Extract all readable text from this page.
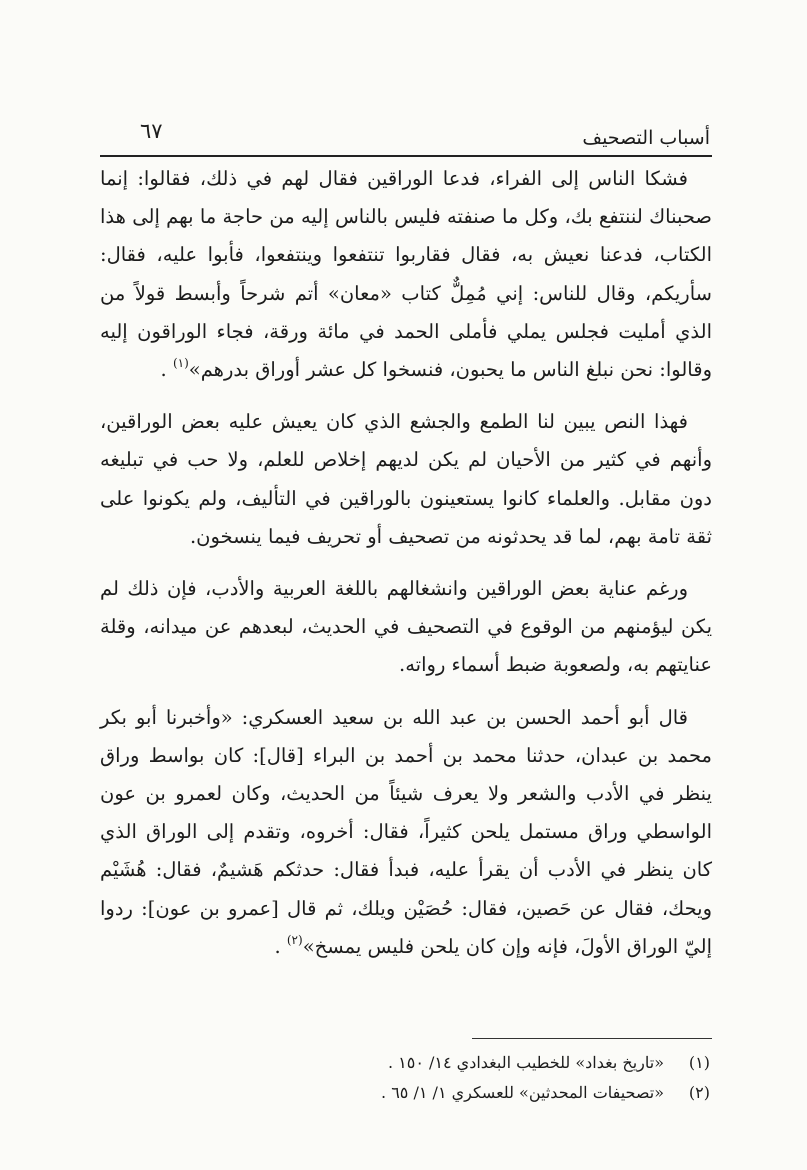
أسباب التصحيف
٦٧

فشكا الناس إلى الفراء، فدعا الوراقين فقال لهم في ذلك، فقالوا: إنما صحبناك لننتفع بك، وكل ما صنفته فليس بالناس إليه من حاجة ما بهم إلى هذا الكتاب، فدعنا نعيش به، فقال فقاربوا تنتفعوا وينتفعوا، فأبوا عليه، فقال: سأريكم، وقال للناس: إني مُمِلٌّ كتاب «معان» أتم شرحاً وأبسط قولاً من الذي أمليت فجلس يملي فأملى الحمد في مائة ورقة، فجاء الوراقون إليه وقالوا: نحن نبلغ الناس ما يحبون، فنسخوا كل عشر أوراق بدرهم»$^{(١)}$ .

فهذا النص يبين لنا الطمع والجشع الذي كان يعيش عليه بعض الوراقين، وأنهم في كثير من الأحيان لم يكن لديهم إخلاص للعلم، ولا حب في تبليغه دون مقابل. والعلماء كانوا يستعينون بالوراقين في التأليف، ولم يكونوا على ثقة تامة بهم، لما قد يحدثونه من تصحيف أو تحريف فيما ينسخون.

ورغم عناية بعض الوراقين وانشغالهم باللغة العربية والأدب، فإن ذلك لم يكن ليؤمنهم من الوقوع في التصحيف في الحديث، لبعدهم عن ميدانه، وقلة عنايتهم به، ولصعوبة ضبط أسماء رواته.

قال أبو أحمد الحسن بن عبد الله بن سعيد العسكري: «وأخبرنا أبو بكر محمد بن عبدان، حدثنا محمد بن أحمد بن البراء [قال]: كان بواسط وراق ينظر في الأدب والشعر ولا يعرف شيئاً من الحديث، وكان لعمرو بن عون الواسطي وراق مستمل يلحن كثيراً، فقال: أخروه، وتقدم إلى الوراق الذي كان ينظر في الأدب أن يقرأ عليه، فبدأ فقال: حدثكم هَشيمٌ، فقال: هُشَيْم ويحك، فقال عن حَصين، فقال: حُصَيْن ويلك، ثم قال [عمرو بن عون]: ردوا إليّ الوراق الأولَ، فإنه وإن كان يلحن فليس يمسخ»$^{(٢)}$ .

(١)«تاريخ بغداد» للخطيب البغدادي ١٤/ ١٥٠ .

(٢)«تصحيفات المحدثين» للعسكري ١/ ١/ ٦٥ .
